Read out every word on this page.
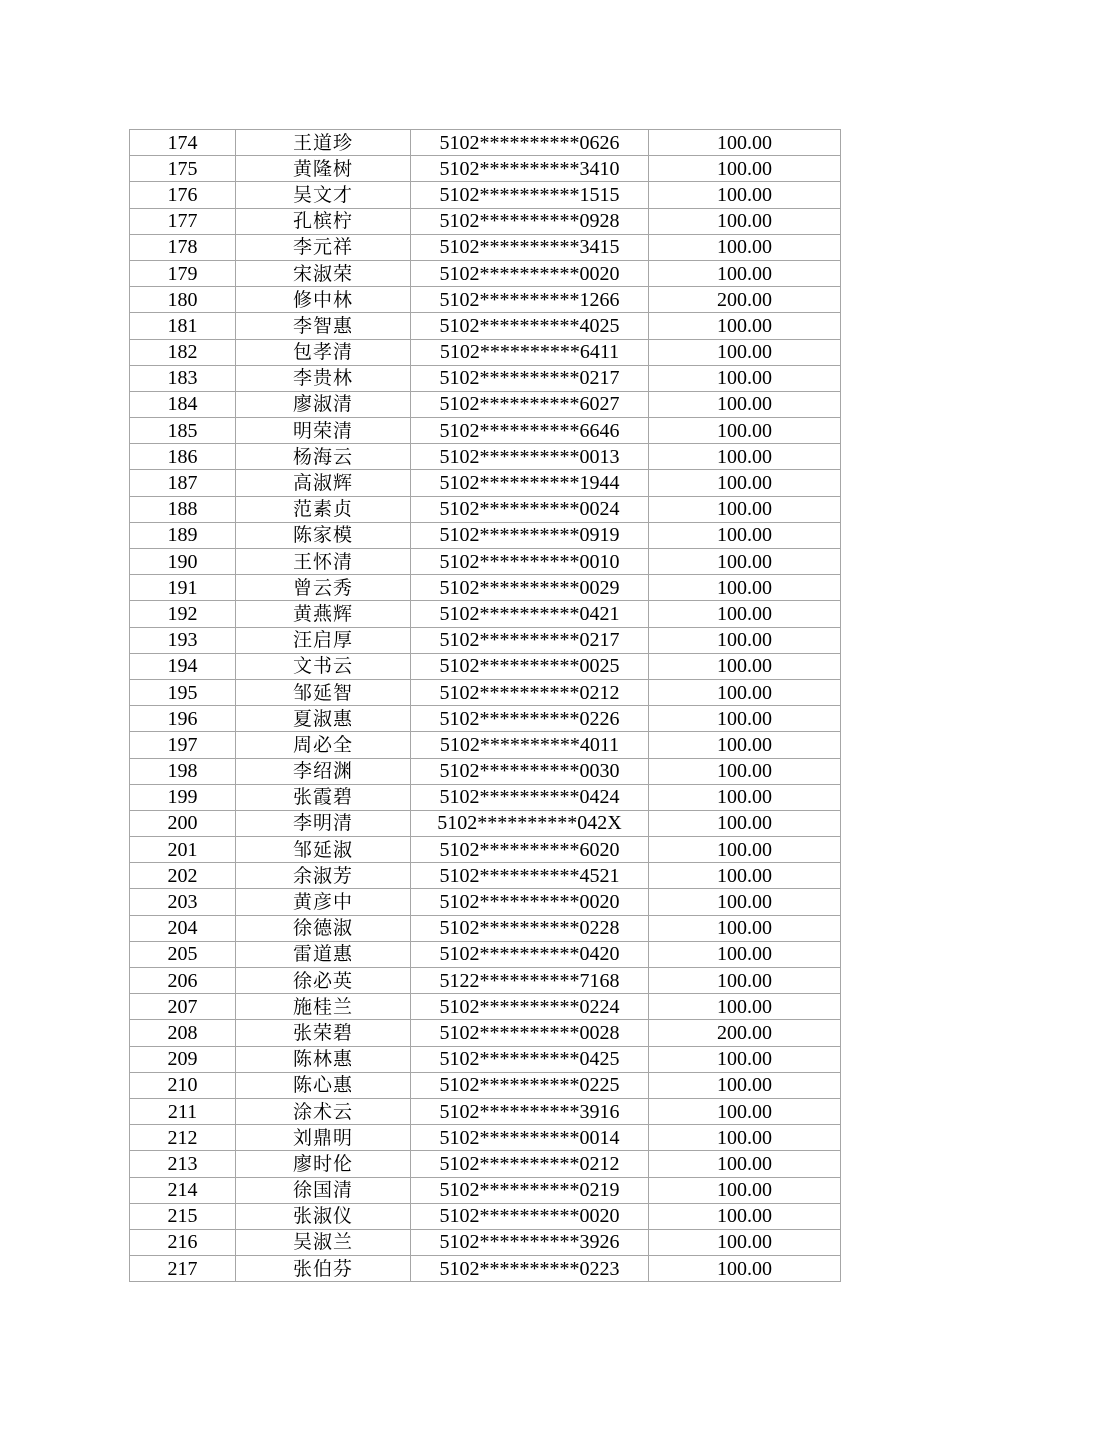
174	王道珍	5102**********0626	100.00
175	黄隆树	5102**********3410	100.00
176	吴文才	5102**********1515	100.00
177	孔槟柠	5102**********0928	100.00
178	李元祥	5102**********3415	100.00
179	宋淑荣	5102**********0020	100.00
180	修中林	5102**********1266	200.00
181	李智惠	5102**********4025	100.00
182	包孝清	5102**********6411	100.00
183	李贵林	5102**********0217	100.00
184	廖淑清	5102**********6027	100.00
185	明荣清	5102**********6646	100.00
186	杨海云	5102**********0013	100.00
187	高淑辉	5102**********1944	100.00
188	范素贞	5102**********0024	100.00
189	陈家模	5102**********0919	100.00
190	王怀清	5102**********0010	100.00
191	曾云秀	5102**********0029	100.00
192	黄燕辉	5102**********0421	100.00
193	汪启厚	5102**********0217	100.00
194	文书云	5102**********0025	100.00
195	邹延智	5102**********0212	100.00
196	夏淑惠	5102**********0226	100.00
197	周必全	5102**********4011	100.00
198	李绍渊	5102**********0030	100.00
199	张霞碧	5102**********0424	100.00
200	李明清	5102**********042X	100.00
201	邹延淑	5102**********6020	100.00
202	余淑芳	5102**********4521	100.00
203	黄彦中	5102**********0020	100.00
204	徐德淑	5102**********0228	100.00
205	雷道惠	5102**********0420	100.00
206	徐必英	5122**********7168	100.00
207	施桂兰	5102**********0224	100.00
208	张荣碧	5102**********0028	200.00
209	陈林惠	5102**********0425	100.00
210	陈心惠	5102**********0225	100.00
211	涂术云	5102**********3916	100.00
212	刘鼎明	5102**********0014	100.00
213	廖时伦	5102**********0212	100.00
214	徐国清	5102**********0219	100.00
215	张淑仪	5102**********0020	100.00
216	吴淑兰	5102**********3926	100.00
217	张伯芬	5102**********0223	100.00
